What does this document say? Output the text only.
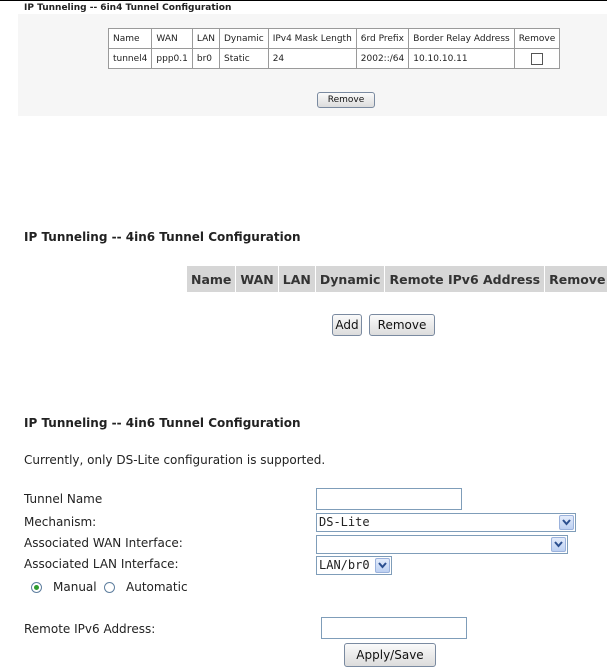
IP Tunneling -- 6in4 Tunnel Configuration
Name	WAN	LAN	Dynamic	IPv4 Mask Length	6rd Prefix	Border Relay Address	Remove
tunnel4	ppp0.1	br0	Static	24	2002::/64	10.10.10.11	
Remove
IP Tunneling -- 4in6 Tunnel Configuration
Name	WAN	LAN	Dynamic	Remote IPv6 Address	Remove
Add	Remove
IP Tunneling -- 4in6 Tunnel Configuration
Currently, only DS-Lite configuration is supported.
Tunnel Name
Mechanism:	DS-Lite
Associated WAN Interface:
Associated LAN Interface:	LAN/br0
Manual Automatic
Remote IPv6 Address:
Apply/Save
